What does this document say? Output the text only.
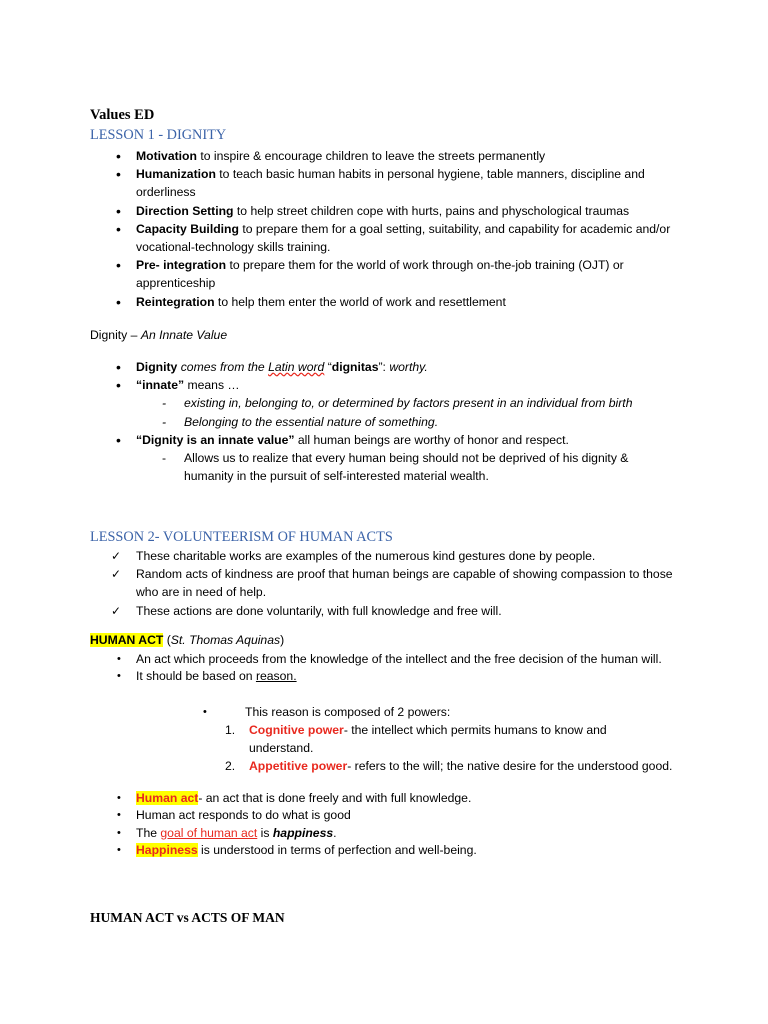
Values ED
LESSON 1 - DIGNITY
• Motivation to inspire & encourage children to leave the streets permanently
• Humanization to teach basic human habits in personal hygiene, table manners, discipline and orderliness
• Direction Setting to help street children cope with hurts, pains and physchological traumas
• Capacity Building to prepare them for a goal setting, suitability, and capability for academic and/or vocational-technology skills training.
• Pre- integration to prepare them for the world of work through on-the-job training (OJT) or apprenticeship
• Reintegration to help them enter the world of work and resettlement
Dignity – An Innate Value
• Dignity comes from the Latin word “dignitas”: worthy.
• “innate” means …
- existing in, belonging to, or determined by factors present in an individual from birth
- Belonging to the essential nature of something.
• “Dignity is an innate value” all human beings are worthy of honor and respect.
- Allows us to realize that every human being should not be deprived of his dignity & humanity in the pursuit of self-interested material wealth.
LESSON 2- VOLUNTEERISM OF HUMAN ACTS
✓ These charitable works are examples of the numerous kind gestures done by people.
✓ Random acts of kindness are proof that human beings are capable of showing compassion to those who are in need of help.
✓ These actions are done voluntarily, with full knowledge and free will.
HUMAN ACT (St. Thomas Aquinas)
• An act which proceeds from the knowledge of the intellect and the free decision of the human will.
• It should be based on reason.
• This reason is composed of 2 powers:
1. Cognitive power- the intellect which permits humans to know and understand.
2. Appetitive power- refers to the will; the native desire for the understood good.
• Human act- an act that is done freely and with full knowledge.
• Human act responds to do what is good
• The goal of human act is happiness.
• Happiness is understood in terms of perfection and well-being.
HUMAN ACT vs ACTS OF MAN
